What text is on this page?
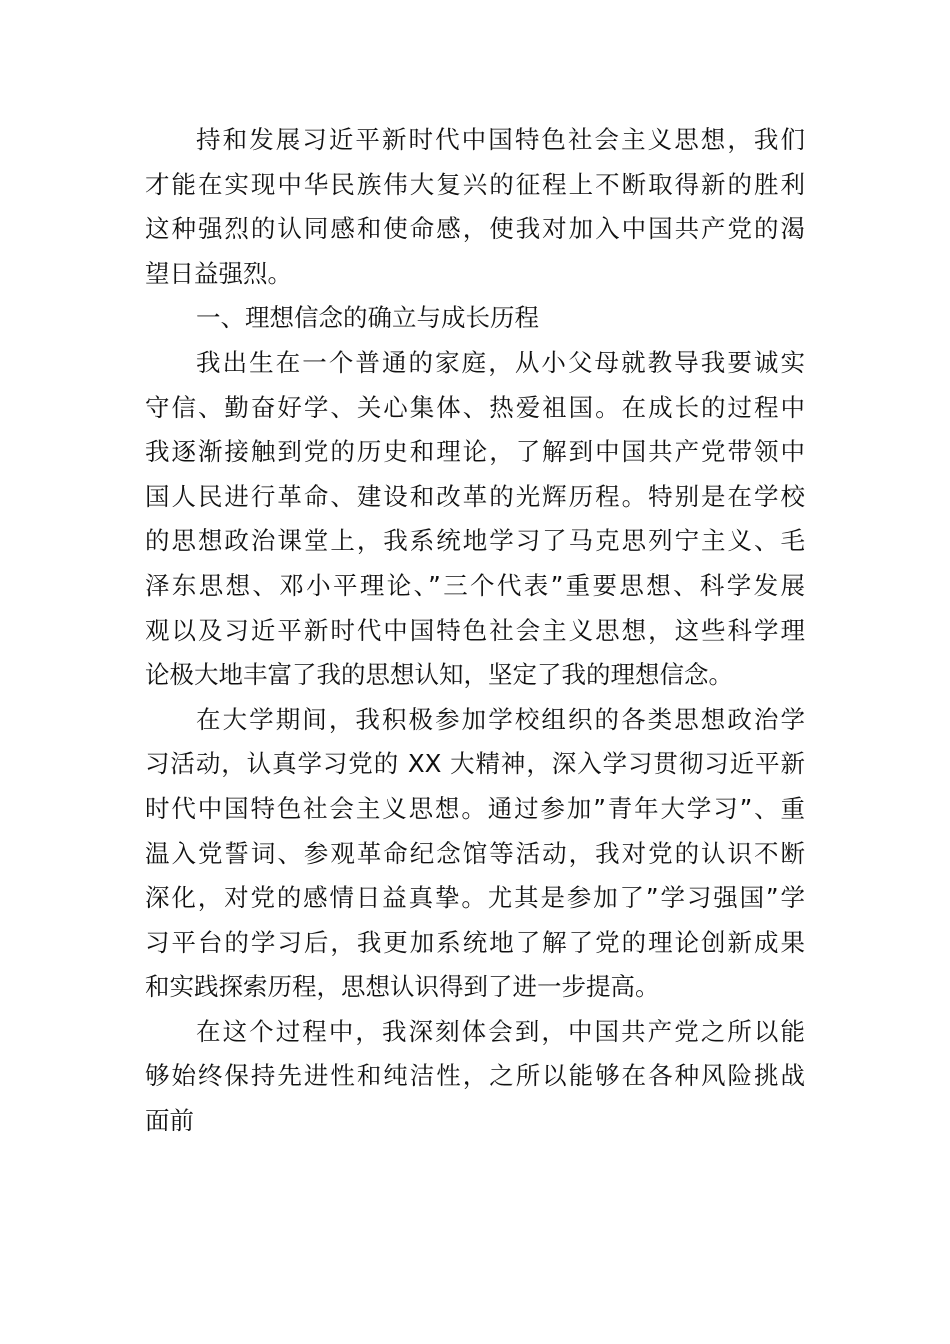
持和发展习近平新时代中国特色社会主义思想，我们
才能在实现中华民族伟大复兴的征程上不断取得新的胜利
这种强烈的认同感和使命感，使我对加入中国共产党的渴
望日益强烈。
一、理想信念的确立与成长历程
我出生在一个普通的家庭，从小父母就教导我要诚实
守信、勤奋好学、关心集体、热爱祖国。在成长的过程中
我逐渐接触到党的历史和理论，了解到中国共产党带领中
国人民进行革命、建设和改革的光辉历程。特别是在学校
的思想政治课堂上，我系统地学习了马克思列宁主义、毛
泽东思想、邓小平理论、”三个代表”重要思想、科学发展
观以及习近平新时代中国特色社会主义思想，这些科学理
论极大地丰富了我的思想认知，坚定了我的理想信念。
在大学期间，我积极参加学校组织的各类思想政治学
习活动，认真学习党的 XX 大精神，深入学习贯彻习近平新
时代中国特色社会主义思想。通过参加”青年大学习”、重
温入党誓词、参观革命纪念馆等活动，我对党的认识不断
深化，对党的感情日益真挚。尤其是参加了”学习强国”学
习平台的学习后，我更加系统地了解了党的理论创新成果
和实践探索历程，思想认识得到了进一步提高。
在这个过程中，我深刻体会到，中国共产党之所以能
够始终保持先进性和纯洁性，之所以能够在各种风险挑战
面前
